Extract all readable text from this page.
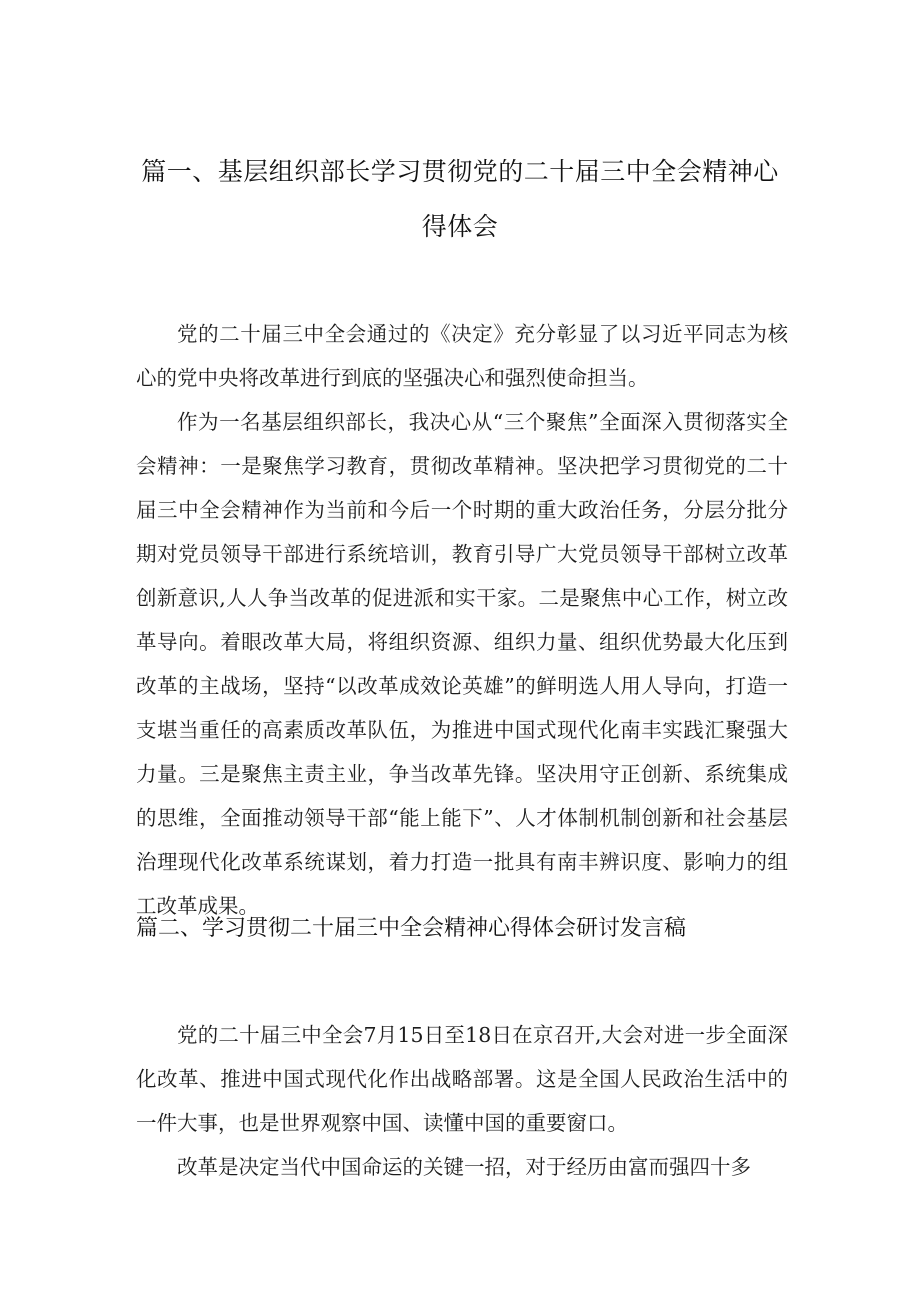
篇一、基层组织部长学习贯彻党的二十届三中全会精神心
得体会

党的二十届三中全会通过的《决定》充分彰显了以习近平同志为核心的党中央将改革进行到底的坚强决心和强烈使命担当。

作为一名基层组织部长，我决心从“三个聚焦”全面深入贯彻落实全会精神：一是聚焦学习教育，贯彻改革精神。坚决把学习贯彻党的二十届三中全会精神作为当前和今后一个时期的重大政治任务，分层分批分期对党员领导干部进行系统培训，教育引导广大党员领导干部树立改革创新意识,人人争当改革的促进派和实干家。二是聚焦中心工作，树立改革导向。着眼改革大局，将组织资源、组织力量、组织优势最大化压到改革的主战场，坚持“以改革成效论英雄”的鲜明选人用人导向，打造一支堪当重任的高素质改革队伍，为推进中国式现代化南丰实践汇聚强大力量。三是聚焦主责主业，争当改革先锋。坚决用守正创新、系统集成的思维，全面推动领导干部“能上能下”、人才体制机制创新和社会基层治理现代化改革系统谋划，着力打造一批具有南丰辨识度、影响力的组工改革成果。

篇二、学习贯彻二十届三中全会精神心得体会研讨发言稿

党的二十届三中全会7月15日至18日在京召开,大会对进一步全面深化改革、推进中国式现代化作出战略部署。这是全国人民政治生活中的一件大事，也是世界观察中国、读懂中国的重要窗口。

改革是决定当代中国命运的关键一招，对于经历由富而强四十多
